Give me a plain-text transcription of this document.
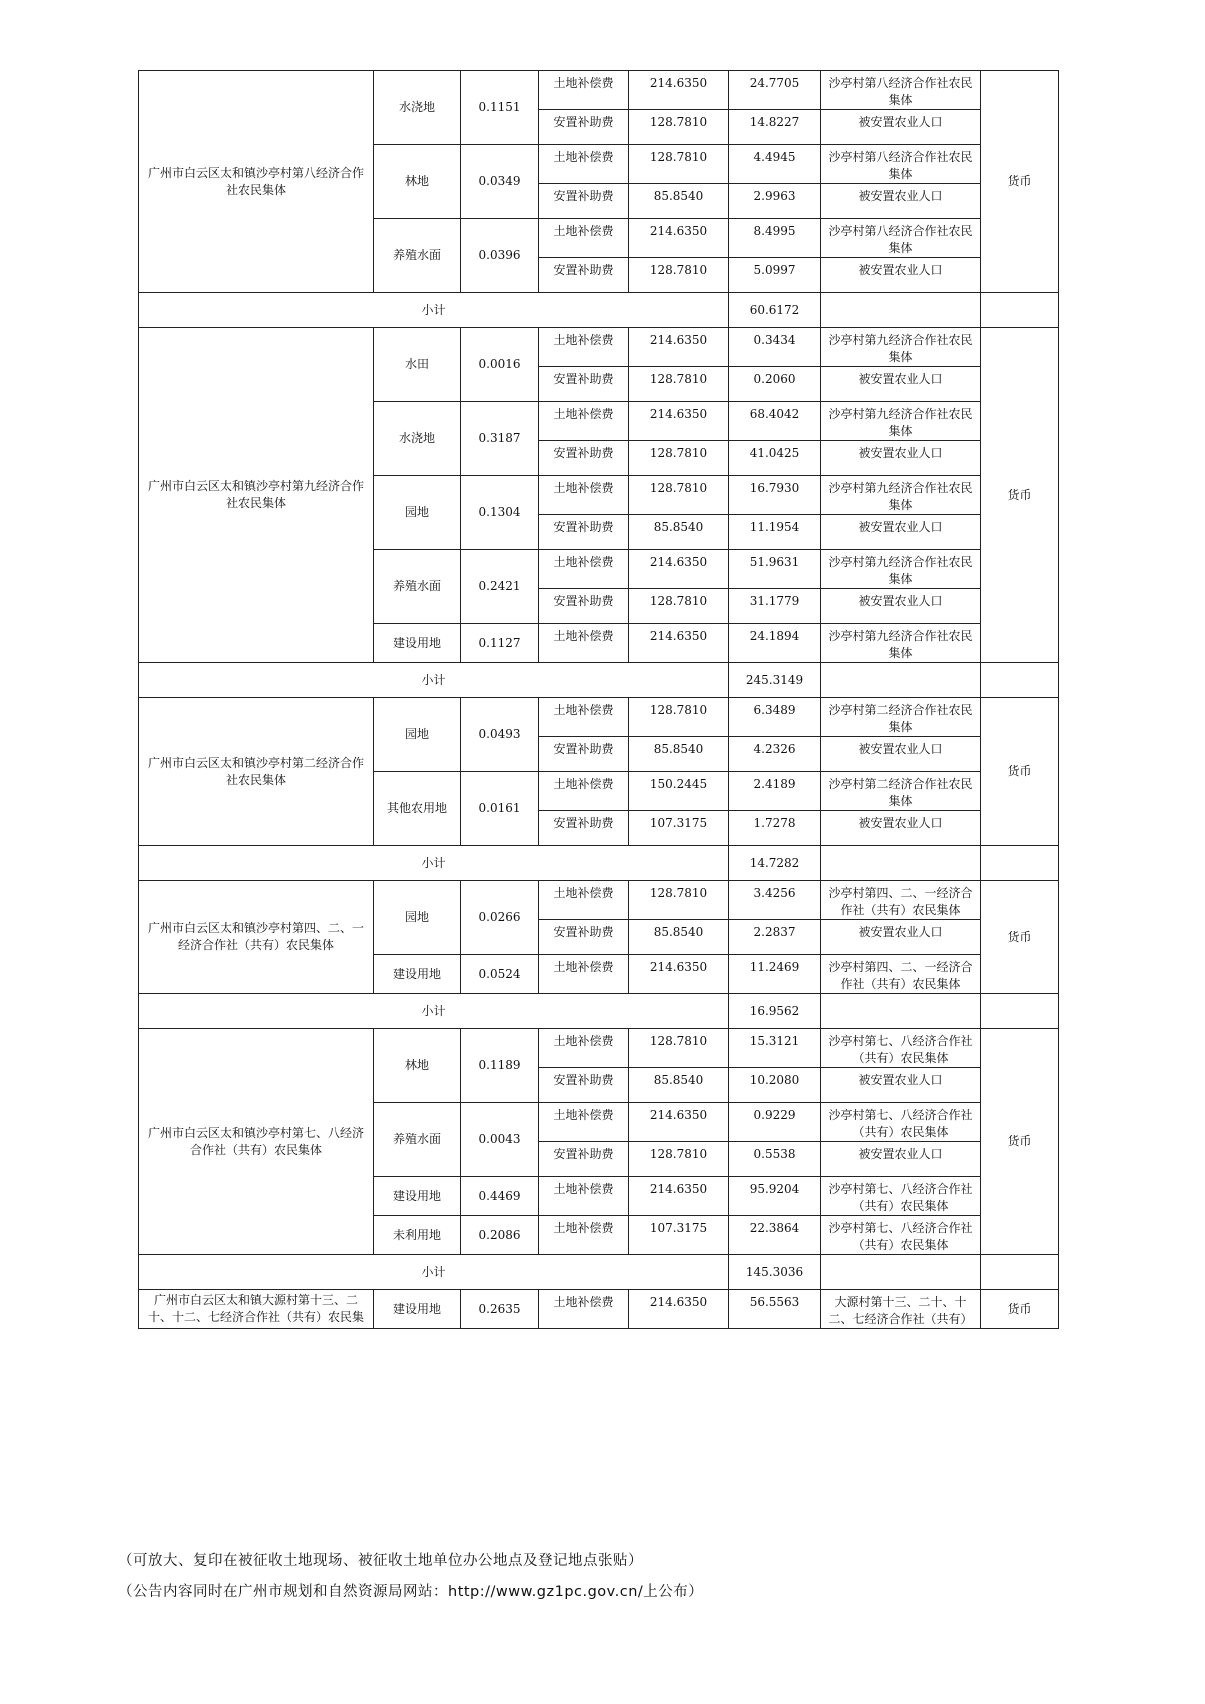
广州市白云区太和镇沙亭村第八经济合作社农民集体	水浇地	0.1151	土地补偿费	214.6350	24.7705	沙亭村第八经济合作社农民集体	货币
			安置补助费	128.7810	14.8227	被安置农业人口	
	林地	0.0349	土地补偿费	128.7810	4.4945	沙亭村第八经济合作社农民集体	
			安置补助费	85.8540	2.9963	被安置农业人口	
	养殖水面	0.0396	土地补偿费	214.6350	8.4995	沙亭村第八经济合作社农民集体	
			安置补助费	128.7810	5.0997	被安置农业人口	
小计					60.6172		
广州市白云区太和镇沙亭村第九经济合作社农民集体	水田	0.0016	土地补偿费	214.6350	0.3434	沙亭村第九经济合作社农民集体	货币
			安置补助费	128.7810	0.2060	被安置农业人口	
	水浇地	0.3187	土地补偿费	214.6350	68.4042	沙亭村第九经济合作社农民集体	
			安置补助费	128.7810	41.0425	被安置农业人口	
	园地	0.1304	土地补偿费	128.7810	16.7930	沙亭村第九经济合作社农民集体	
			安置补助费	85.8540	11.1954	被安置农业人口	
	养殖水面	0.2421	土地补偿费	214.6350	51.9631	沙亭村第九经济合作社农民集体	
			安置补助费	128.7810	31.1779	被安置农业人口	
	建设用地	0.1127	土地补偿费	214.6350	24.1894	沙亭村第九经济合作社农民集体	
小计					245.3149		
广州市白云区太和镇沙亭村第二经济合作社农民集体	园地	0.0493	土地补偿费	128.7810	6.3489	沙亭村第二经济合作社农民集体	货币
			安置补助费	85.8540	4.2326	被安置农业人口	
	其他农用地	0.0161	土地补偿费	150.2445	2.4189	沙亭村第二经济合作社农民集体	
			安置补助费	107.3175	1.7278	被安置农业人口	
小计					14.7282		
广州市白云区太和镇沙亭村第四、二、一经济合作社（共有）农民集体	园地	0.0266	土地补偿费	128.7810	3.4256	沙亭村第四、二、一经济合作社（共有）农民集体	货币
			安置补助费	85.8540	2.2837	被安置农业人口	
	建设用地	0.0524	土地补偿费	214.6350	11.2469	沙亭村第四、二、一经济合作社（共有）农民集体	
小计					16.9562		
广州市白云区太和镇沙亭村第七、八经济合作社（共有）农民集体	林地	0.1189	土地补偿费	128.7810	15.3121	沙亭村第七、八经济合作社（共有）农民集体	货币
			安置补助费	85.8540	10.2080	被安置农业人口	
	养殖水面	0.0043	土地补偿费	214.6350	0.9229	沙亭村第七、八经济合作社（共有）农民集体	
			安置补助费	128.7810	0.5538	被安置农业人口	
	建设用地	0.4469	土地补偿费	214.6350	95.9204	沙亭村第七、八经济合作社（共有）农民集体	
	未利用地	0.2086	土地补偿费	107.3175	22.3864	沙亭村第七、八经济合作社（共有）农民集体	
小计					145.3036		
广州市白云区太和镇大源村第十三、二十、十二、七经济合作社（共有）农民集	建设用地	0.2635	土地补偿费	214.6350	56.5563	大源村第十三、二十、十二、七经济合作社（共有）	货币
（可放大、复印在被征收土地现场、被征收土地单位办公地点及登记地点张贴）
（公告内容同时在广州市规划和自然资源局网站：http://www.gz1pc.gov.cn/上公布）
